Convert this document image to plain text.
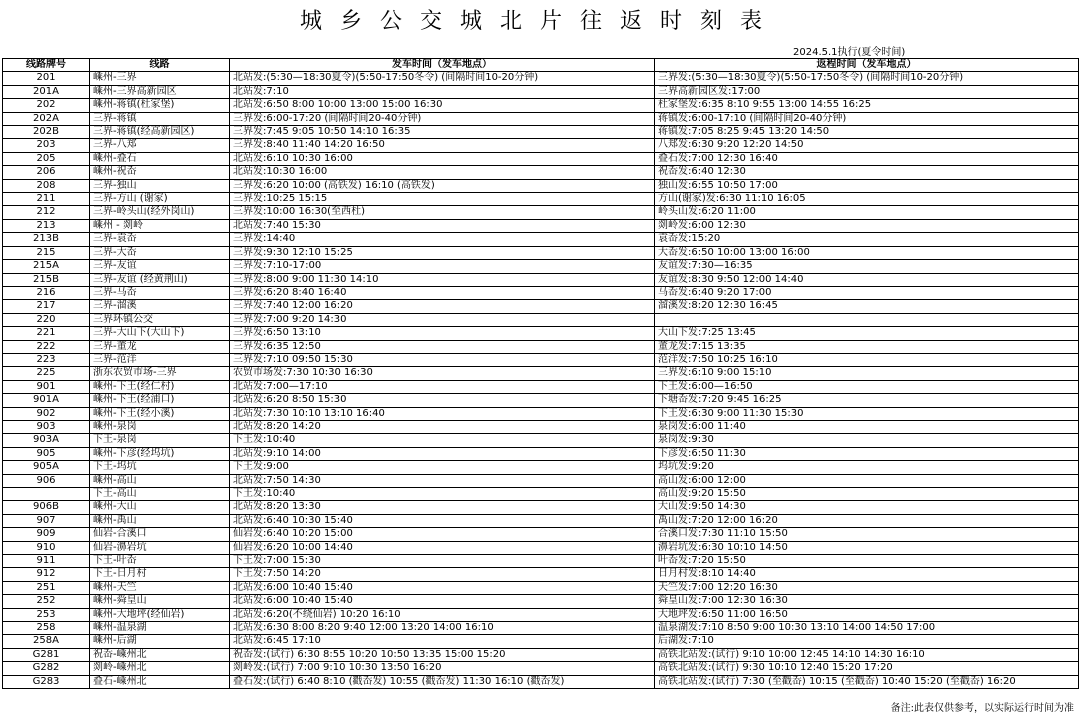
城乡公交城北片往返时刻表
2024.5.1执行(夏令时间)
线路牌号	线路	发车时间（发车地点）	返程时间（发车地点）
201	嵊州-三界	北站发:(5:30—18:30夏令)(5:50-17:50冬令) (间隔时间10-20分钟)	三界发:(5:30—18:30夏令)(5:50-17:50冬令) (间隔时间10-20分钟)
201A	嵊州-三界高新园区	北站发:7:10	三界高新园区发:17:00
202	嵊州-蒋镇(杜家堡)	北站发:6:50 8:00 10:00 13:00 15:00 16:30	杜家堡发:6:35 8:10 9:55 13:00 14:55 16:25
202A	三界-蒋镇	三界发:6:00-17:20 (间隔时间20-40分钟)	蒋镇发:6:00-17:10 (间隔时间20-40分钟)
202B	三界-蒋镇(经高新园区)	三界发:7:45 9:05 10:50 14:10 16:35	蒋镇发:7:05 8:25 9:45 13:20 14:50
203	三界-八郑	三界发:8:40 11:40 14:20 16:50	八郑发:6:30 9:20 12:20 14:50
205	嵊州-叠石	北站发:6:10 10:30 16:00	叠石发:7:00 12:30 16:40
206	嵊州-祝岙	北站发:10:30 16:00	祝岙发:6:40 12:30
208	三界-独山	三界发:6:20 10:00 (高铁发) 16:10 (高铁发)	独山发:6:55 10:50 17:00
211	三界-方山 (谢家)	三界发:10:25 15:15	方山(谢家)发:6:30 11:10 16:05
212	三界-岭头山(经外岗山)	三界发:10:00 16:30(至西杜)	岭头山发:6:20 11:00
213	嵊州 - 剡岭	北站发:7:40 15:30	剡岭发:6:00 12:30
213B	三界-袁岙	三界发:14:40	袁岙发:15:20
215	三界-大岙	三界发:9:30 12:10 15:25	大岙发:6:50 10:00 13:00 16:00
215A	三界-友谊	三界发:7:10-17:00	友谊发:7:30—16:35
215B	三界-友谊 (经黄荆山)	三界发:8:00 9:00 11:30 14:10	友谊发:8:30 9:50 12:00 14:40
216	三界-马岙	三界发:6:20 8:40 16:40	马岙发:6:40 9:20 17:00
217	三界-溜溪	三界发:7:40 12:00 16:20	溜溪发:8:20 12:30 16:45
220	三界环镇公交	三界发:7:00 9:20 14:30	
221	三界-大山下(大山下)	三界发:6:50 13:10	大山下发:7:25 13:45
222	三界-董龙	三界发:6:35 12:50	董龙发:7:15 13:35
223	三界-范洋	三界发:7:10 09:50 15:30	范洋发:7:50 10:25 16:10
225	浙东农贸市场-三界	农贸市场发:7:30 10:30 16:30	三界发:6:10 9:00 15:10
901	嵊州-下王(经仁村)	北站发:7:00—17:10	下王发:6:00—16:50
901A	嵊州-下王(经浦口)	北站发:6:20 8:50 15:30	下塘岙发:7:20 9:45 16:25
902	嵊州-下王(经小溪)	北站发:7:30 10:10 13:10 16:40	下王发:6:30 9:00 11:30 15:30
903	嵊州-泉岗	北站发:8:20 14:20	泉岗发:6:00 11:40
903A	下王-泉岗	下王发:10:40	泉岗发:9:30
905	嵊州-下彦(经坞坑)	北站发:9:10 14:00	下彦发:6:50 11:30
905A	下王-坞坑	下王发:9:00	坞坑发:9:20
906	嵊州-高山	北站发:7:50 14:30	高山发:6:00 12:00
	下王-高山	下王发:10:40	高山发:9:20 15:50
906B	嵊州-大山	北站发:8:20 13:30	大山发:9:50 14:30
907	嵊州-禹山	北站发:6:40 10:30 15:40	禹山发:7:20 12:00 16:20
909	仙岩-合溪口	仙岩发:6:40 10:20 15:00	合溪口发:7:30 11:10 15:50
910	仙岩-濞岩坑	仙岩发:6:20 10:00 14:40	濞岩坑发:6:30 10:10 14:50
911	下王-叶岙	下王发:7:00 15:30	叶岙发:7:20 15:50
912	下王-日月村	下王发:7:50 14:20	日月村发:8:10 14:40
251	嵊州-天竺	北站发:6:00 10:40 15:40	天竺发:7:00 12:20 16:30
252	嵊州-舜皇山	北站发:6:00 10:40 15:40	舜皇山发:7:00 12:30 16:30
253	嵊州-大地坪(经仙岩)	北站发:6:20(不绕仙岩) 10:20 16:10	大地坪发:6:50 11:00 16:50
258	嵊州-温泉湖	北站发:6:30 8:00 8:20 9:40 12:00 13:20 14:00 16:10	温泉湖发:7:10 8:50 9:00 10:30 13:10 14:00 14:50 17:00
258A	嵊州-后湖	北站发:6:45 17:10	后湖发:7:10
G281	祝岙-嵊州北	祝岙发:(试行) 6:30 8:55 10:20 10:50 13:35 15:00 15:20	高铁北站发:(试行) 9:10 10:00 12:45 14:10 14:30 16:10
G282	剡岭-嵊州北	剡岭发:(试行) 7:00 9:10 10:30 13:50 16:20	高铁北站发:(试行) 9:30 10:10 12:40 15:20 17:20
G283	叠石-嵊州北	叠石发:(试行) 6:40 8:10 (戳岙发) 10:55 (戳岙发) 11:30 16:10 (戳岙发)	高铁北站发:(试行) 7:30 (至戳岙) 10:15 (至戳岙) 10:40 15:20 (至戳岙) 16:20
备注:此表仅供参考，以实际运行时间为准
